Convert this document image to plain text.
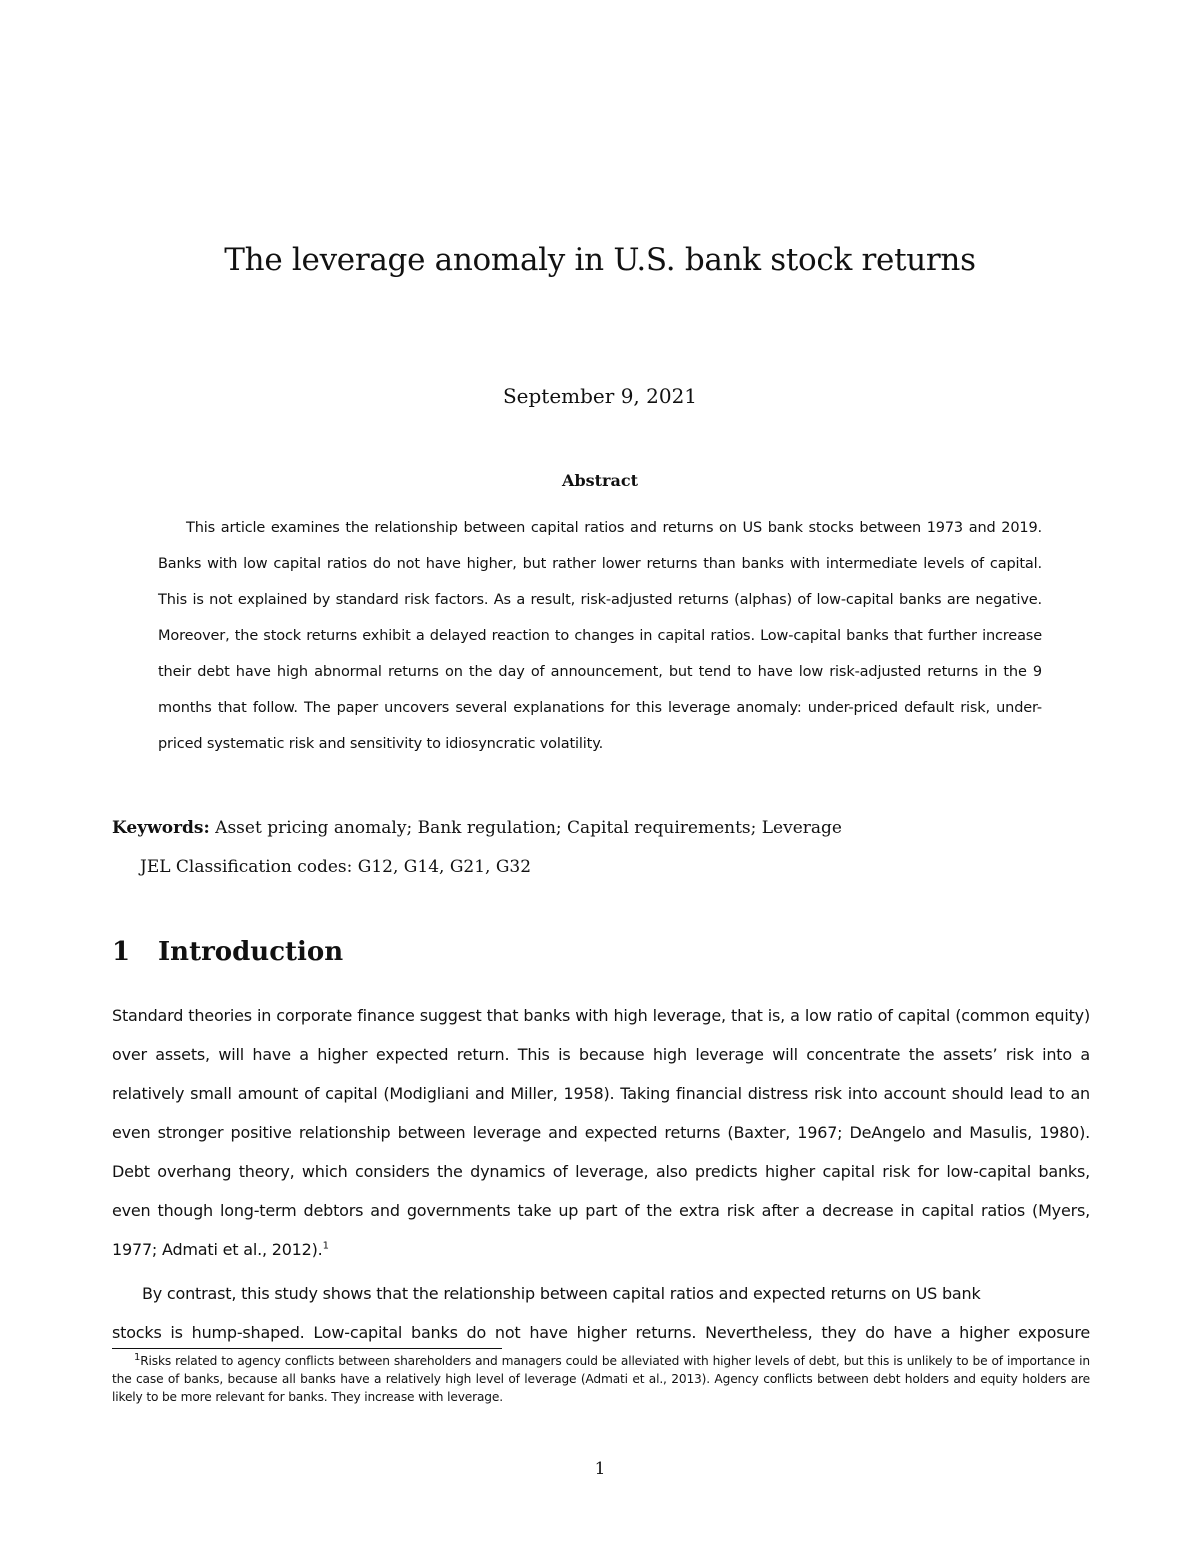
The leverage anomaly in U.S. bank stock returns
September 9, 2021
Abstract
This article examines the relationship between capital ratios and returns on US bank stocks between 1973 and 2019. Banks with low capital ratios do not have higher, but rather lower returns than banks with intermediate levels of capital. This is not explained by standard risk factors. As a result, risk-adjusted returns (alphas) of low-capital banks are negative. Moreover, the stock returns exhibit a delayed reaction to changes in capital ratios. Low-capital banks that further increase their debt have high abnormal returns on the day of announcement, but tend to have low risk-adjusted returns in the 9 months that follow. The paper uncovers several explanations for this leverage anomaly: under-priced default risk, under-priced systematic risk and sensitivity to idiosyncratic volatility.
Keywords: Asset pricing anomaly; Bank regulation; Capital requirements; Leverage
JEL Classification codes: G12, G14, G21, G32
1 Introduction
Standard theories in corporate finance suggest that banks with high leverage, that is, a low ratio of capital (common equity) over assets, will have a higher expected return. This is because high leverage will concentrate the assets’ risk into a relatively small amount of capital (Modigliani and Miller, 1958). Taking financial distress risk into account should lead to an even stronger positive relationship between leverage and expected returns (Baxter, 1967; DeAngelo and Masulis, 1980). Debt overhang theory, which considers the dynamics of leverage, also predicts higher capital risk for low-capital banks, even though long-term debtors and governments take up part of the extra risk after a decrease in capital ratios (Myers, 1977; Admati et al., 2012).$^1$
By contrast, this study shows that the relationship between capital ratios and expected returns on US bank
stocks is hump-shaped. Low-capital banks do not have higher returns. Nevertheless, they do have a higher exposure
$^1$Risks related to agency conflicts between shareholders and managers could be alleviated with higher levels of debt, but this is unlikely to be of importance in the case of banks, because all banks have a relatively high level of leverage (Admati et al., 2013). Agency conflicts between debt holders and equity holders are likely to be more relevant for banks. They increase with leverage.
1
